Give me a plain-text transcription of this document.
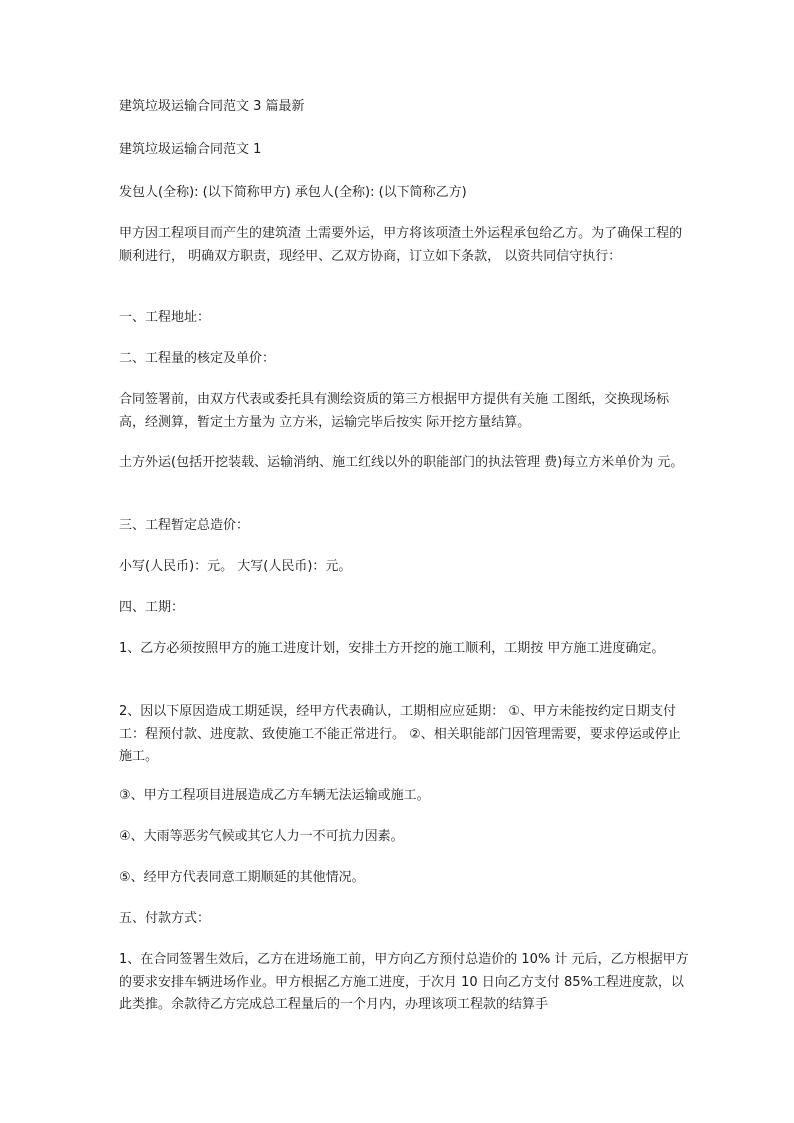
建筑垃圾运输合同范文 3 篇最新

建筑垃圾运输合同范文 1

发包人(全称): (以下简称甲方) 承包人(全称): (以下简称乙方)

甲方因工程项目而产生的建筑渣 土需要外运，甲方将该项渣土外运程承包给乙方。为了确保工程的顺利进行， 明确双方职责，现经甲、乙双方协商，订立如下条款， 以资共同信守执行：

一、工程地址：

二、工程量的核定及单价：

合同签署前，由双方代表或委托具有测绘资质的第三方根据甲方提供有关施 工图纸，交换现场标高，经测算，暂定土方量为 立方米，运输完毕后按实 际开挖方量结算。

土方外运(包括开挖装载、运输消纳、施工红线以外的职能部门的执法管理 费)每立方米单价为 元。

三、工程暂定总造价：

小写(人民币)：元。 大写(人民币)：元。

四、工期：

1、乙方必须按照甲方的施工进度计划，安排土方开挖的施工顺利，工期按 甲方施工进度确定。

2、因以下原因造成工期延误，经甲方代表确认，工期相应应延期： ①、甲方未能按约定日期支付工：程预付款、进度款、致使施工不能正常进行。 ②、相关职能部门因管理需要，要求停运或停止施工。

③、甲方工程项目进展造成乙方车辆无法运输或施工。

④、大雨等恶劣气候或其它人力一不可抗力因素。

⑤、经甲方代表同意工期顺延的其他情况。

五、付款方式：

1、在合同签署生效后，乙方在进场施工前，甲方向乙方预付总造价的 10% 计 元后，乙方根据甲方的要求安排车辆进场作业。甲方根据乙方施工进度，于次月 10 日向乙方支付 85%工程进度款，以此类推。余款待乙方完成总工程量后的一个月内，办理该项工程款的结算手
